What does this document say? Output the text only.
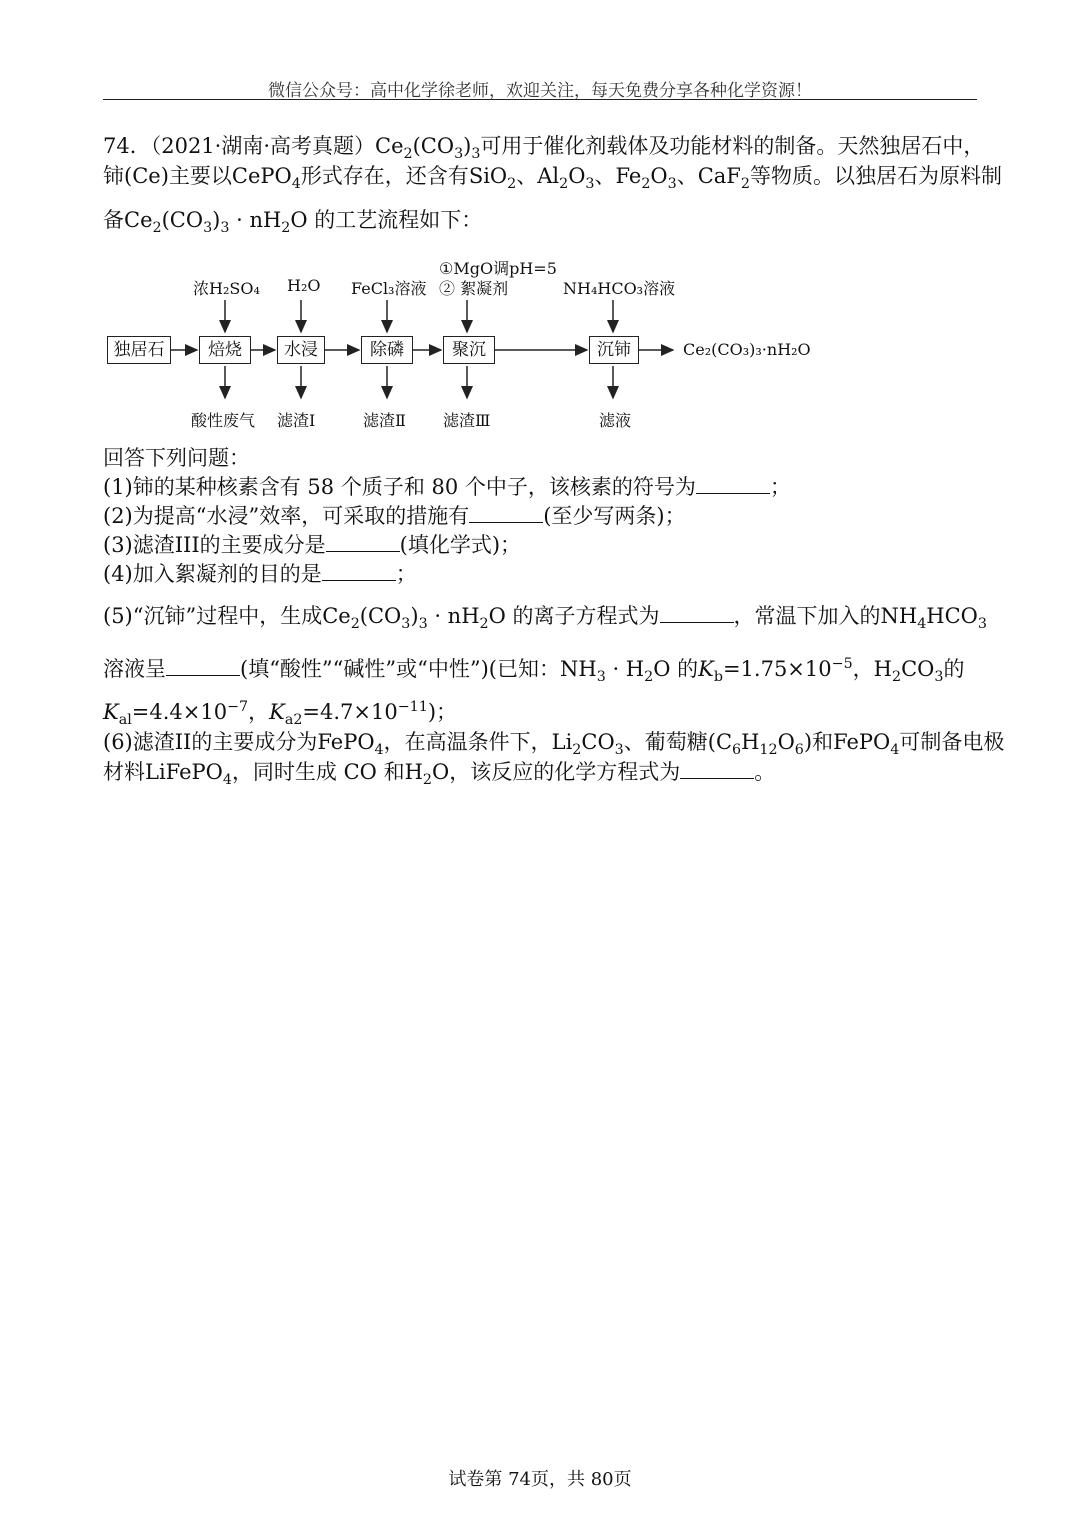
微信公众号：高中化学徐老师，欢迎关注，每天免费分享各种化学资源！
74．（2021·湖南·高考真题）$Ce_2(CO_3)_3$可用于催化剂载体及功能材料的制备。天然独居石中，
铈(Ce)主要以CePO$_4$形式存在，还含有SiO$_2$、$Al_2O_3$、$Fe_2O_3$、CaF$_2$等物质。以独居石为原料制
备$Ce_2(CO_3)_3 \cdot nH_2O$ 的工艺流程如下：
独居石	焙烧	水浸	除磷	聚沉	沉铈
浓H₂SO₄ H₂O FeCl₃溶液
①MgO调pH=5
② 絮凝剂	NH₄HCO₃溶液
酸性废气 滤渣Ⅰ	滤渣Ⅱ 滤渣Ⅲ	滤液
Ce₂(CO₃)₃·nH₂O
回答下列问题：
(1)铈的某种核素含有 58 个质子和 80 个中子，该核素的符号为	；
(2)为提高“水浸”效率，可采取的措施有	(至少写两条)；
(3)滤渣III的主要成分是	(填化学式)；
(4)加入絮凝剂的目的是	；
(5)“沉铈”过程中，生成$Ce_2(CO_3)_3 \cdot nH_2O$ 的离子方程式为	，常温下加入的$NH_4HCO_3$
溶液呈	(填“酸性”“碱性”或“中性”)(已知：$NH_3 \cdot H_2O$ 的$K_b=1.75\times 10^{-5}$，$H_2CO_3$的
$K_{al}=4.4\times 10^{-7}$，$K_{a2}=4.7\times 10^{-11}$)；
(6)滤渣II的主要成分为FePO$_4$，在高温条件下，$Li_2CO_3$、葡萄糖$(C_6H_{12}O_6)$和FePO$_4$可制备电极
材料LiFePO$_4$，同时生成 CO 和$H_2O$，该反应的化学方程式为	。
试卷第 74页，共 80页
